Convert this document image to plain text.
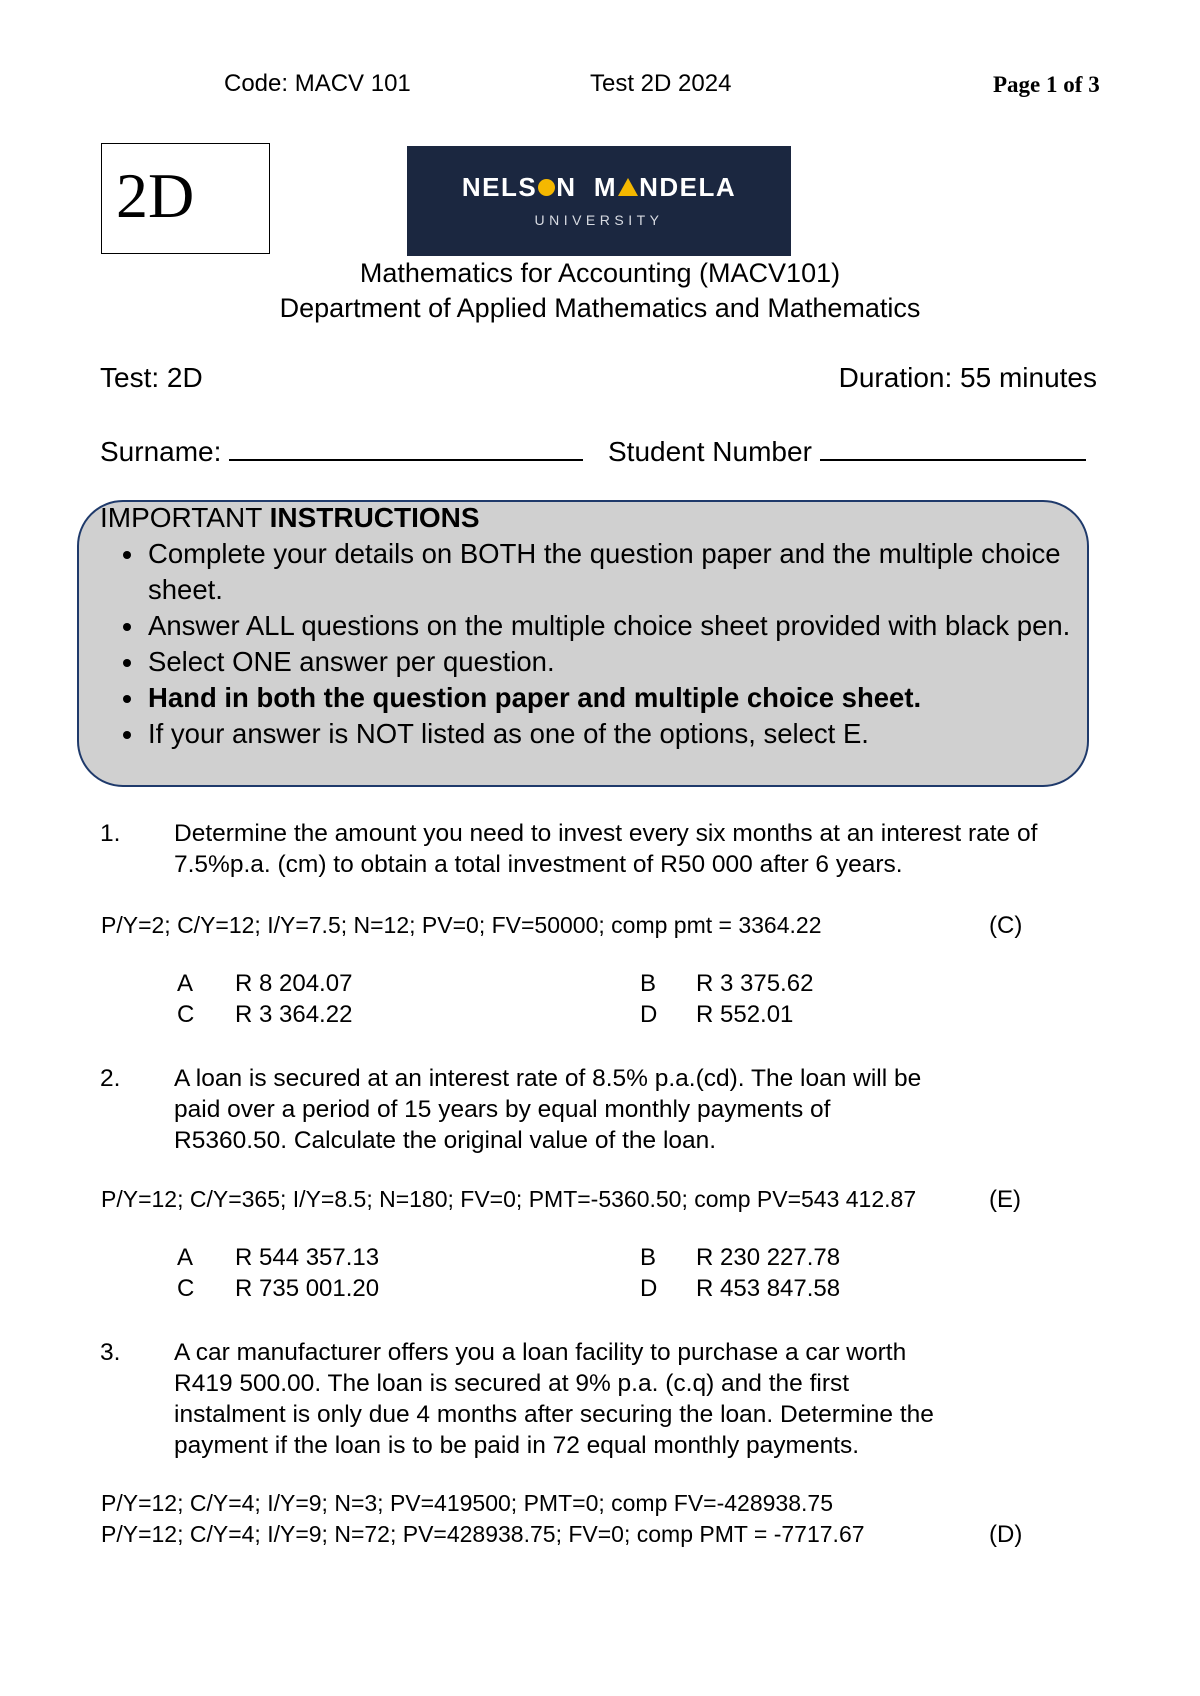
Code: MACV 101	Test 2D 2024	Page 1 of 3
2D	NELS N M NDELA
UNIVERSITY
Mathematics for Accounting (MACV101)
Department of Applied Mathematics and Mathematics
Test: 2D	Duration: 55 minutes
Surname:	Student Number
IMPORTANT INSTRUCTIONS
• Complete your details on BOTH the question paper and the multiple choice sheet.
• Answer ALL questions on the multiple choice sheet provided with black pen.
• Select ONE answer per question.
• Hand in both the question paper and multiple choice sheet.
• If your answer is NOT listed as one of the options, select E.
1. Determine the amount you need to invest every six months at an interest rate of 7.5%p.a. (cm) to obtain a total investment of R50 000 after 6 years.
P/Y=2; C/Y=12; I/Y=7.5; N=12; PV=0; FV=50000; comp pmt = 3364.22	(C)
A R 8 204.07	B R 3 375.62
C R 3 364.22	D R 552.01
2. A loan is secured at an interest rate of 8.5% p.a.(cd). The loan will be paid over a period of 15 years by equal monthly payments of R5360.50. Calculate the original value of the loan.
P/Y=12; C/Y=365; I/Y=8.5; N=180; FV=0; PMT=-5360.50; comp PV=543 412.87	(E)
A R 544 357.13	B R 230 227.78
C R 735 001.20	D R 453 847.58
3. A car manufacturer offers you a loan facility to purchase a car worth R419 500.00. The loan is secured at 9% p.a. (c.q) and the first instalment is only due 4 months after securing the loan. Determine the payment if the loan is to be paid in 72 equal monthly payments.
P/Y=12; C/Y=4; I/Y=9; N=3; PV=419500; PMT=0; comp FV=-428938.75
P/Y=12; C/Y=4; I/Y=9; N=72; PV=428938.75; FV=0; comp PMT = -7717.67	(D)
